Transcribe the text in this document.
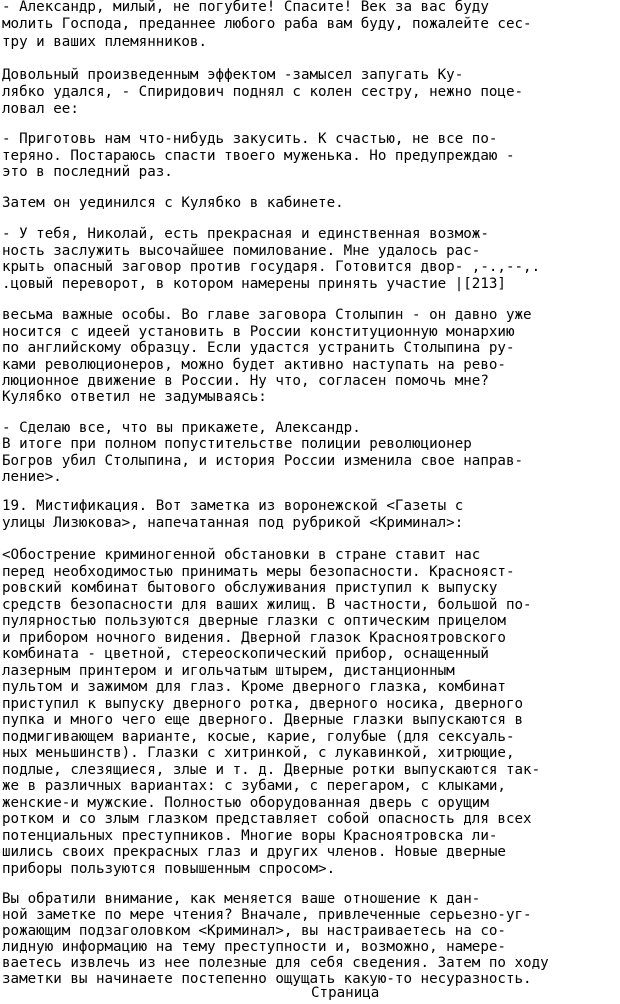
- Александр, милый, не погубите! Спасите! Век за вас буду

молить Господа, преданнее любого раба вам буду, пожалейте сес-

тру и ваших племянников.

Довольный произведенным эффектом -замысел запугать Ку-

лябко удался, - Спиридович поднял с колен сестру, нежно поце-

ловал ее:

- Приготовь нам что-нибудь закусить. К счастью, не все по-

теряно. Постараюсь спасти твоего муженька. Но предупреждаю -

это в последний раз.

Затем он уединился с Кулябко в кабинете.

- У тебя, Николай, есть прекрасная и единственная возмож-

ность заслужить высочайшее помилование. Мне удалось рас-

крыть опасный заговор против государя. Готовится двор- ,-.,--,.

.цовый переворот, в котором намерены принять участие |[213]

весьма важные особы. Во главе заговора Столыпин - он давно уже

носится с идеей установить в России конституционную монархию

по английскому образцу. Если удастся устранить Столыпина ру-

ками революционеров, можно будет активно наступать на рево-

люционное движение в России. Ну что, согласен помочь мне?

Кулябко ответил не задумываясь:

- Сделаю все, что вы прикажете, Александр.

В итоге при полном попустительстве полиции революционер

Богров убил Столыпина, и история России изменила свое направ-

ление>.

19. Мистификация. Вот заметка из воронежской <Газеты с

улицы Лизюкова>, напечатанная под рубрикой <Криминал>:

<Обострение криминогенной обстановки в стране ставит нас

перед необходимостью принимать меры безопасности. Краснояст-

ровский комбинат бытового обслуживания приступил к выпуску

средств безопасности для ваших жилищ. В частности, большой по-

пулярностью пользуются дверные глазки с оптическим прицелом

и прибором ночного видения. Дверной глазок Красноятровского

комбината - цветной, стереоскопический прибор, оснащенный

лазерным принтером и игольчатым штырем, дистанционным

пультом и зажимом для глаз. Кроме дверного глазка, комбинат

приступил к выпуску дверного ротка, дверного носика, дверного

пупка и много чего еще дверного. Дверные глазки выпускаются в

подмигивающем варианте, косые, карие, голубые (для сексуаль-

ных меньшинств). Глазки с хитринкой, с лукавинкой, хитрющие,

подлые, слезящиеся, злые и т. д. Дверные ротки выпускаются так-

же в различных вариантах: с зубами, с перегаром, с клыками,

женские-и мужские. Полностью оборудованная дверь с орущим

ротком и со злым глазком представляет собой опасность для всех

потенциальных преступников. Многие воры Красноятровска ли-

шились своих прекрасных глаз и других членов. Новые дверные

приборы пользуются повышенным спросом>.

Вы обратили внимание, как меняется ваше отношение к дан-

ной заметке по мере чтения? Вначале, привлеченные серьезно-уг-

рожающим подзаголовком <Криминал>, вы настраиваетесь на со-

лидную информацию на тему преступности и, возможно, намере-

ваетесь извлечь из нее полезные для себя сведения. Затем по ходу

заметки вы начинаете постепенно ощущать какую-то несуразность.

Страница
